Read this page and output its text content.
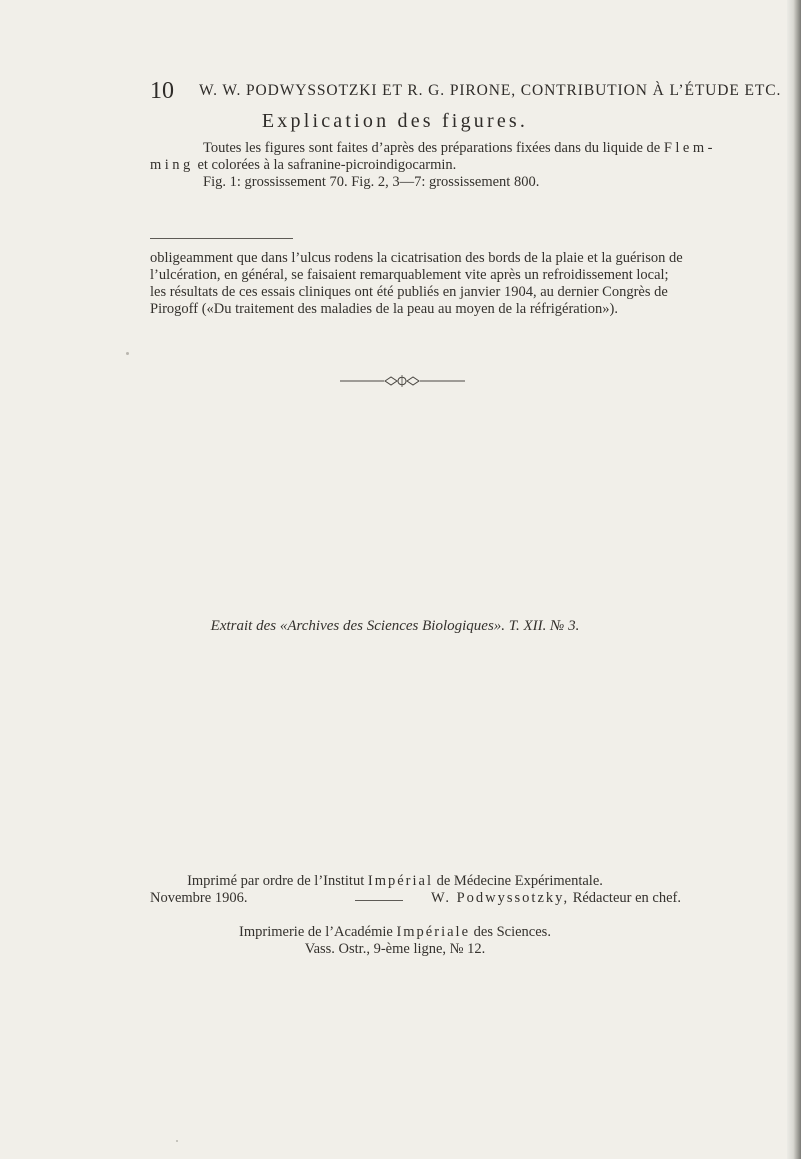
10 W. W. PODWYSSOTZKI ET R. G. PIRONE, CONTRIBUTION À L’ÉTUDE ETC.
Explication des figures.
Toutes les figures sont faites d’après des préparations fixées dans du liquide de Flem-
ming et colorées à la safranine-picroindigocarmin.
Fig. 1: grossissement 70. Fig. 2, 3—7: grossissement 800.
obligeamment que dans l’ulcus rodens la cicatrisation des bords de la plaie et la guérison de
l’ulcération, en général, se faisaient remarquablement vite après un refroidissement local;
les résultats de ces essais cliniques ont été publiés en janvier 1904, au dernier Congrès de
Pirogoff («Du traitement des maladies de la peau au moyen de la réfrigération»).
Extrait des «Archives des Sciences Biologiques». T. XII. № 3.
Imprimé par ordre de l’Institut Impérial de Médecine Expérimentale.
Novembre 1906.	W. Podwyssotzky, Rédacteur en chef.
Imprimerie de l’Académie Impériale des Sciences.
Vass. Ostr., 9-ème ligne, № 12.
